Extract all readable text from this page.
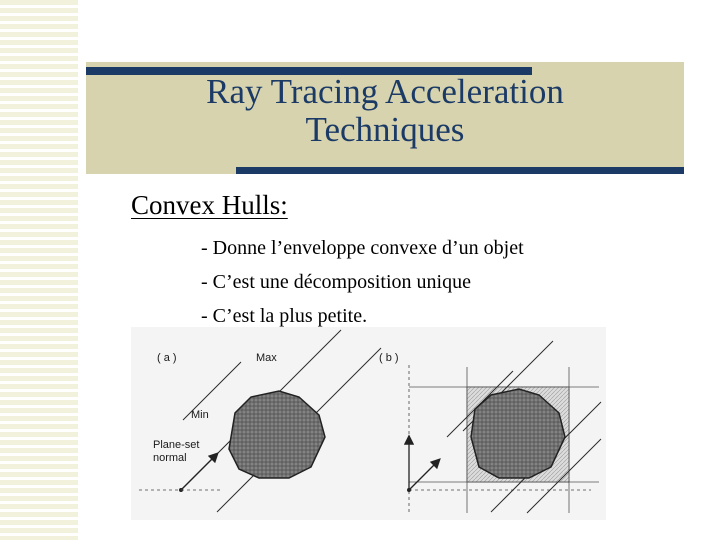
Ray Tracing Acceleration
Techniques
Convex Hulls:
- Donne l’enveloppe convexe d’un objet
- C’est une décomposition unique
- C’est la plus petite.
( a )	Max
Min
Plane-set
normal
( b )
